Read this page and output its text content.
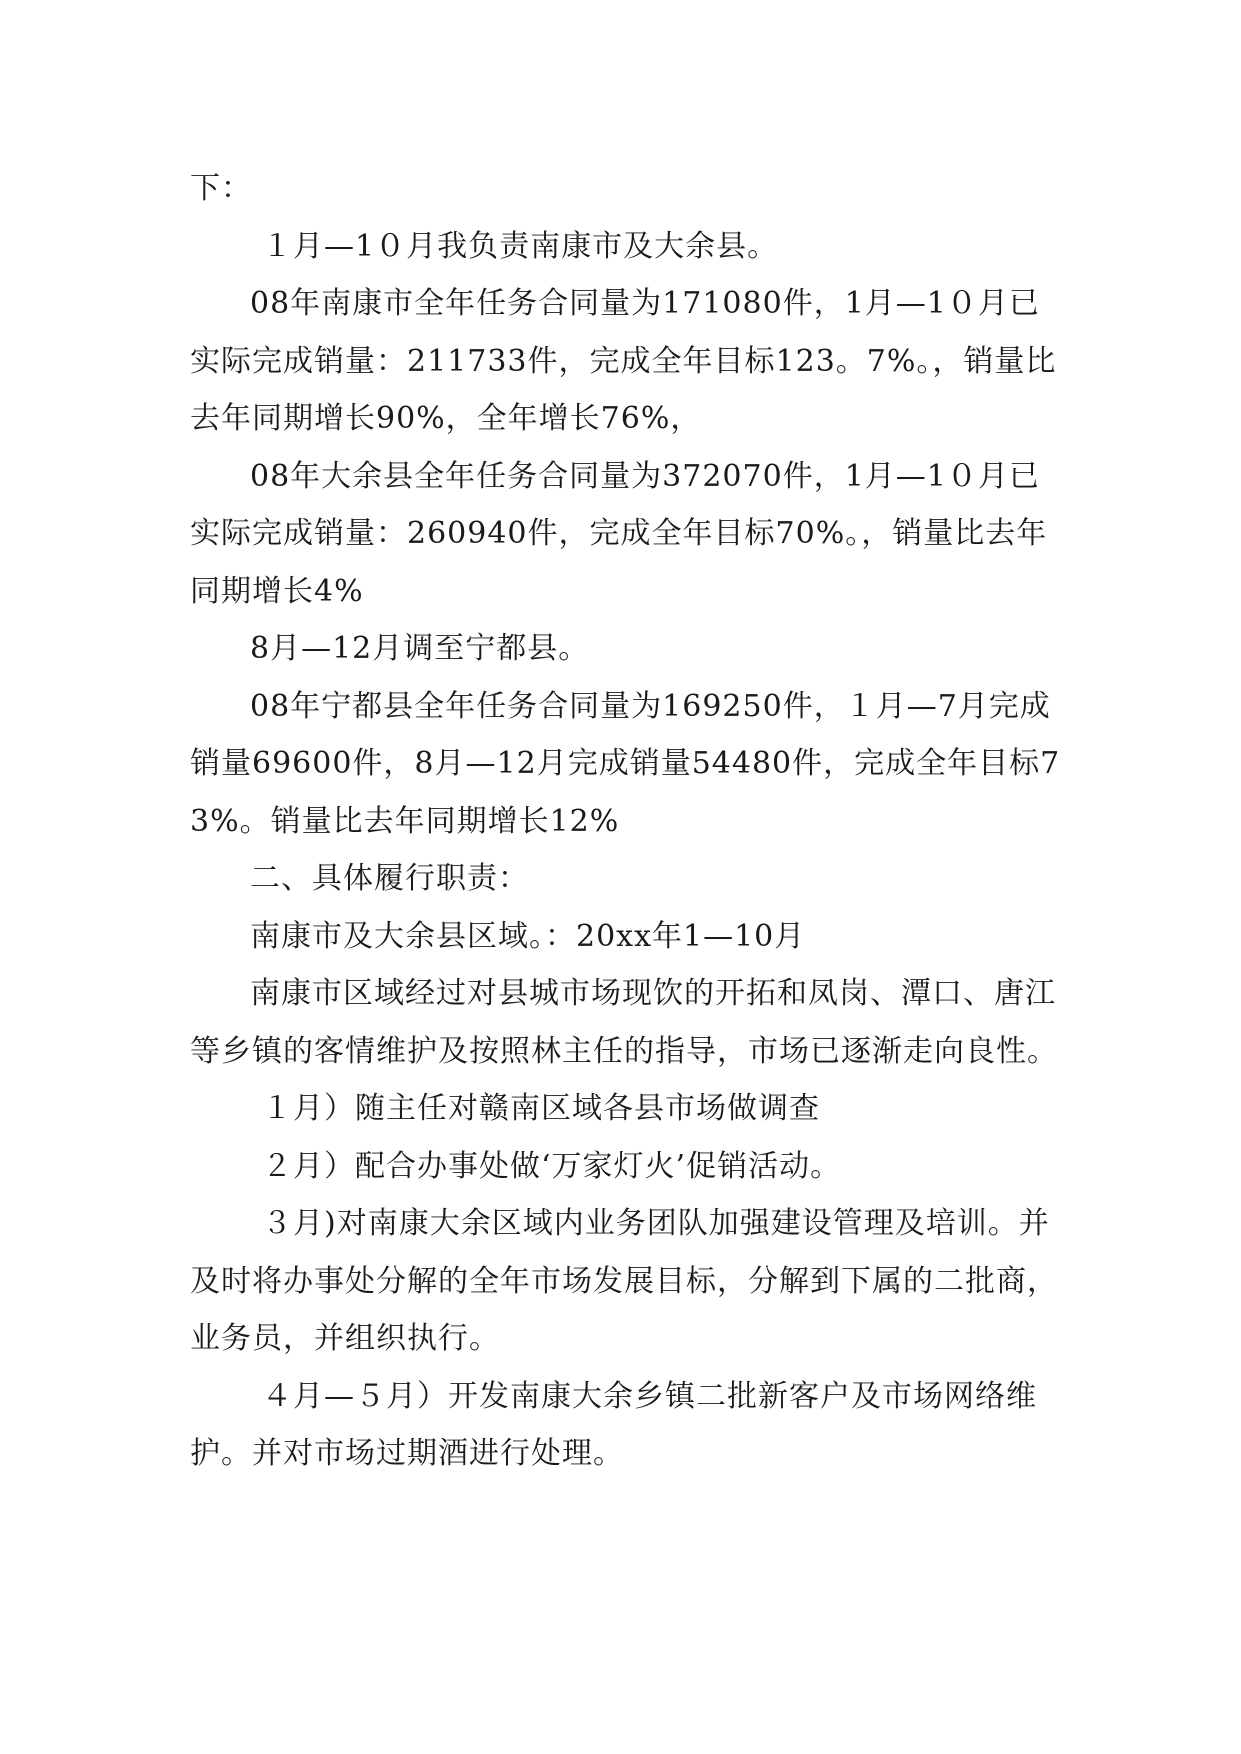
下：

１月—1０月我负责南康市及大余县。

08年南康市全年任务合同量为171080件，1月—1０月已实际完成销量：211733件，完成全年目标123。7%。，销量比去年同期增长90%，全年增长76%，

08年大余县全年任务合同量为372070件，1月—1０月已实际完成销量：260940件，完成全年目标70%。，销量比去年同期增长4%

8月—12月调至宁都县。

08年宁都县全年任务合同量为169250件，１月—7月完成销量69600件，8月—12月完成销量54480件，完成全年目标73%。销量比去年同期增长12%

二、具体履行职责：

南康市及大余县区域。：20xx年1—10月

南康市区域经过对县城市场现饮的开拓和凤岗、潭口、唐江等乡镇的客情维护及按照林主任的指导，市场已逐渐走向良性。

１月）随主任对赣南区域各县市场做调查

２月）配合办事处做‘万家灯火’促销活动。

３月)对南康大余区域内业务团队加强建设管理及培训。并及时将办事处分解的全年市场发展目标，分解到下属的二批商，业务员，并组织执行。

４月—５月）开发南康大余乡镇二批新客户及市场网络维护。并对市场过期酒进行处理。
